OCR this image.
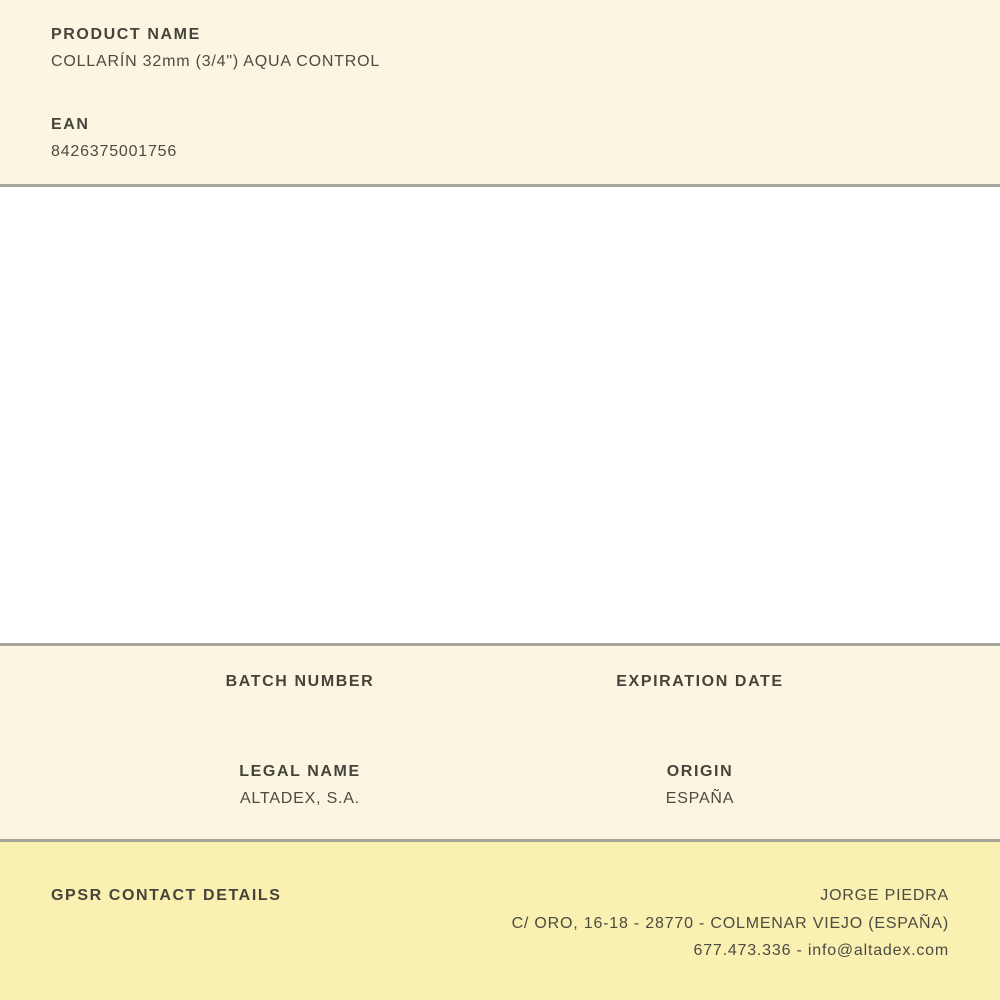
PRODUCT NAME
COLLARÍN 32mm (3/4") AQUA CONTROL
EAN
8426375001756
BATCH NUMBER	EXPIRATION DATE
LEGAL NAME
ALTADEX, S.A.
ORIGIN
ESPAÑA
GPSR CONTACT DETAILS	JORGE PIEDRA
C/ ORO, 16-18 - 28770 - COLMENAR VIEJO (ESPAÑA)
677.473.336 - info@altadex.com
